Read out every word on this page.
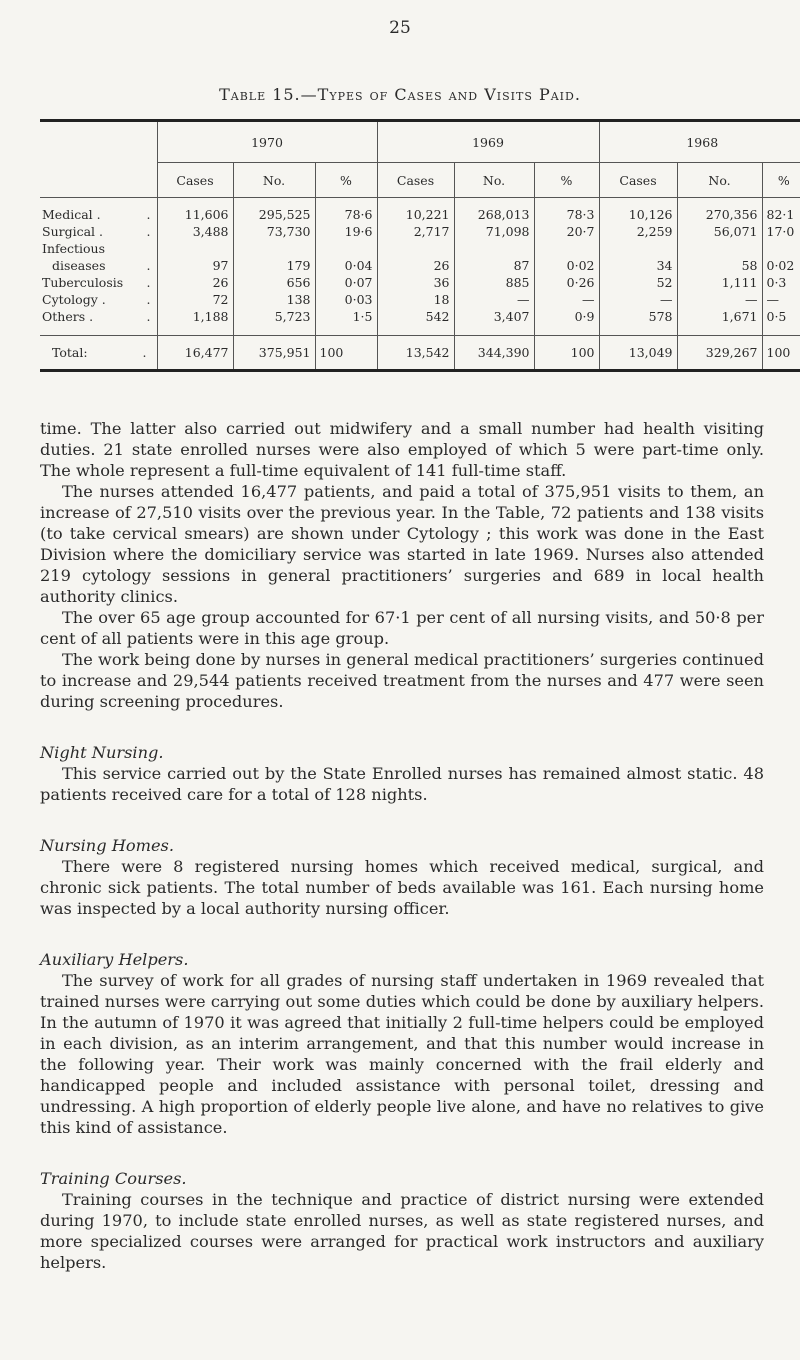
25
Table 15.—Types of Cases and Visits Paid.
	1970			1969			1968		
	Cases	No.	%	Cases	No.	%	Cases	No.	%
Medical . .	11,606	295,525	78·6	10,221	268,013	78·3	10,126	270,356	82·1
Surgical . .	3,488	73,730	19·6	2,717	71,098	20·7	2,259	56,071	17·0
Infectious

diseases .	97	179	0·04	26	87	0·02	34	58	0·02
Tuberculosis .	26	656	0·07	36	885	0·26	52	1,111	0·3
Cytology . .	72	138	0·03	18	—	—	—	—	—
Others . .	1,188	5,723	1·5	542	3,407	0·9	578	1,671	0·5
Total: .	16,477	375,951	100	13,542	344,390	100	13,049	329,267	100

time. The latter also carried out midwifery and a small number had health visiting duties. 21 state enrolled nurses were also employed of which 5 were part-time only. The whole represent a full-time equivalent of 141 full-time staff.

The nurses attended 16,477 patients, and paid a total of 375,951 visits to them, an increase of 27,510 visits over the previous year. In the Table, 72 patients and 138 visits (to take cervical smears) are shown under Cytology ; this work was done in the East Division where the domiciliary service was started in late 1969. Nurses also attended 219 cytology sessions in general practitioners’ surgeries and 689 in local health authority clinics.

The over 65 age group accounted for 67·1 per cent of all nursing visits, and 50·8 per cent of all patients were in this age group.

The work being done by nurses in general medical practitioners’ surgeries continued to increase and 29,544 patients received treatment from the nurses and 477 were seen during screening procedures.

Night Nursing.

This service carried out by the State Enrolled nurses has remained almost static. 48 patients received care for a total of 128 nights.

Nursing Homes.

There were 8 registered nursing homes which received medical, surgical, and chronic sick patients. The total number of beds available was 161. Each nursing home was inspected by a local authority nursing officer.

Auxiliary Helpers.

The survey of work for all grades of nursing staff undertaken in 1969 revealed that trained nurses were carrying out some duties which could be done by auxiliary helpers. In the autumn of 1970 it was agreed that initially 2 full-time helpers could be employed in each division, as an interim arrangement, and that this number would increase in the following year. Their work was mainly concerned with the frail elderly and handicapped people and included assistance with personal toilet, dressing and undressing. A high proportion of elderly people live alone, and have no relatives to give this kind of assistance.

Training Courses.

Training courses in the technique and practice of district nursing were extended during 1970, to include state enrolled nurses, as well as state registered nurses, and more specialized courses were arranged for practical work instructors and auxiliary helpers.
